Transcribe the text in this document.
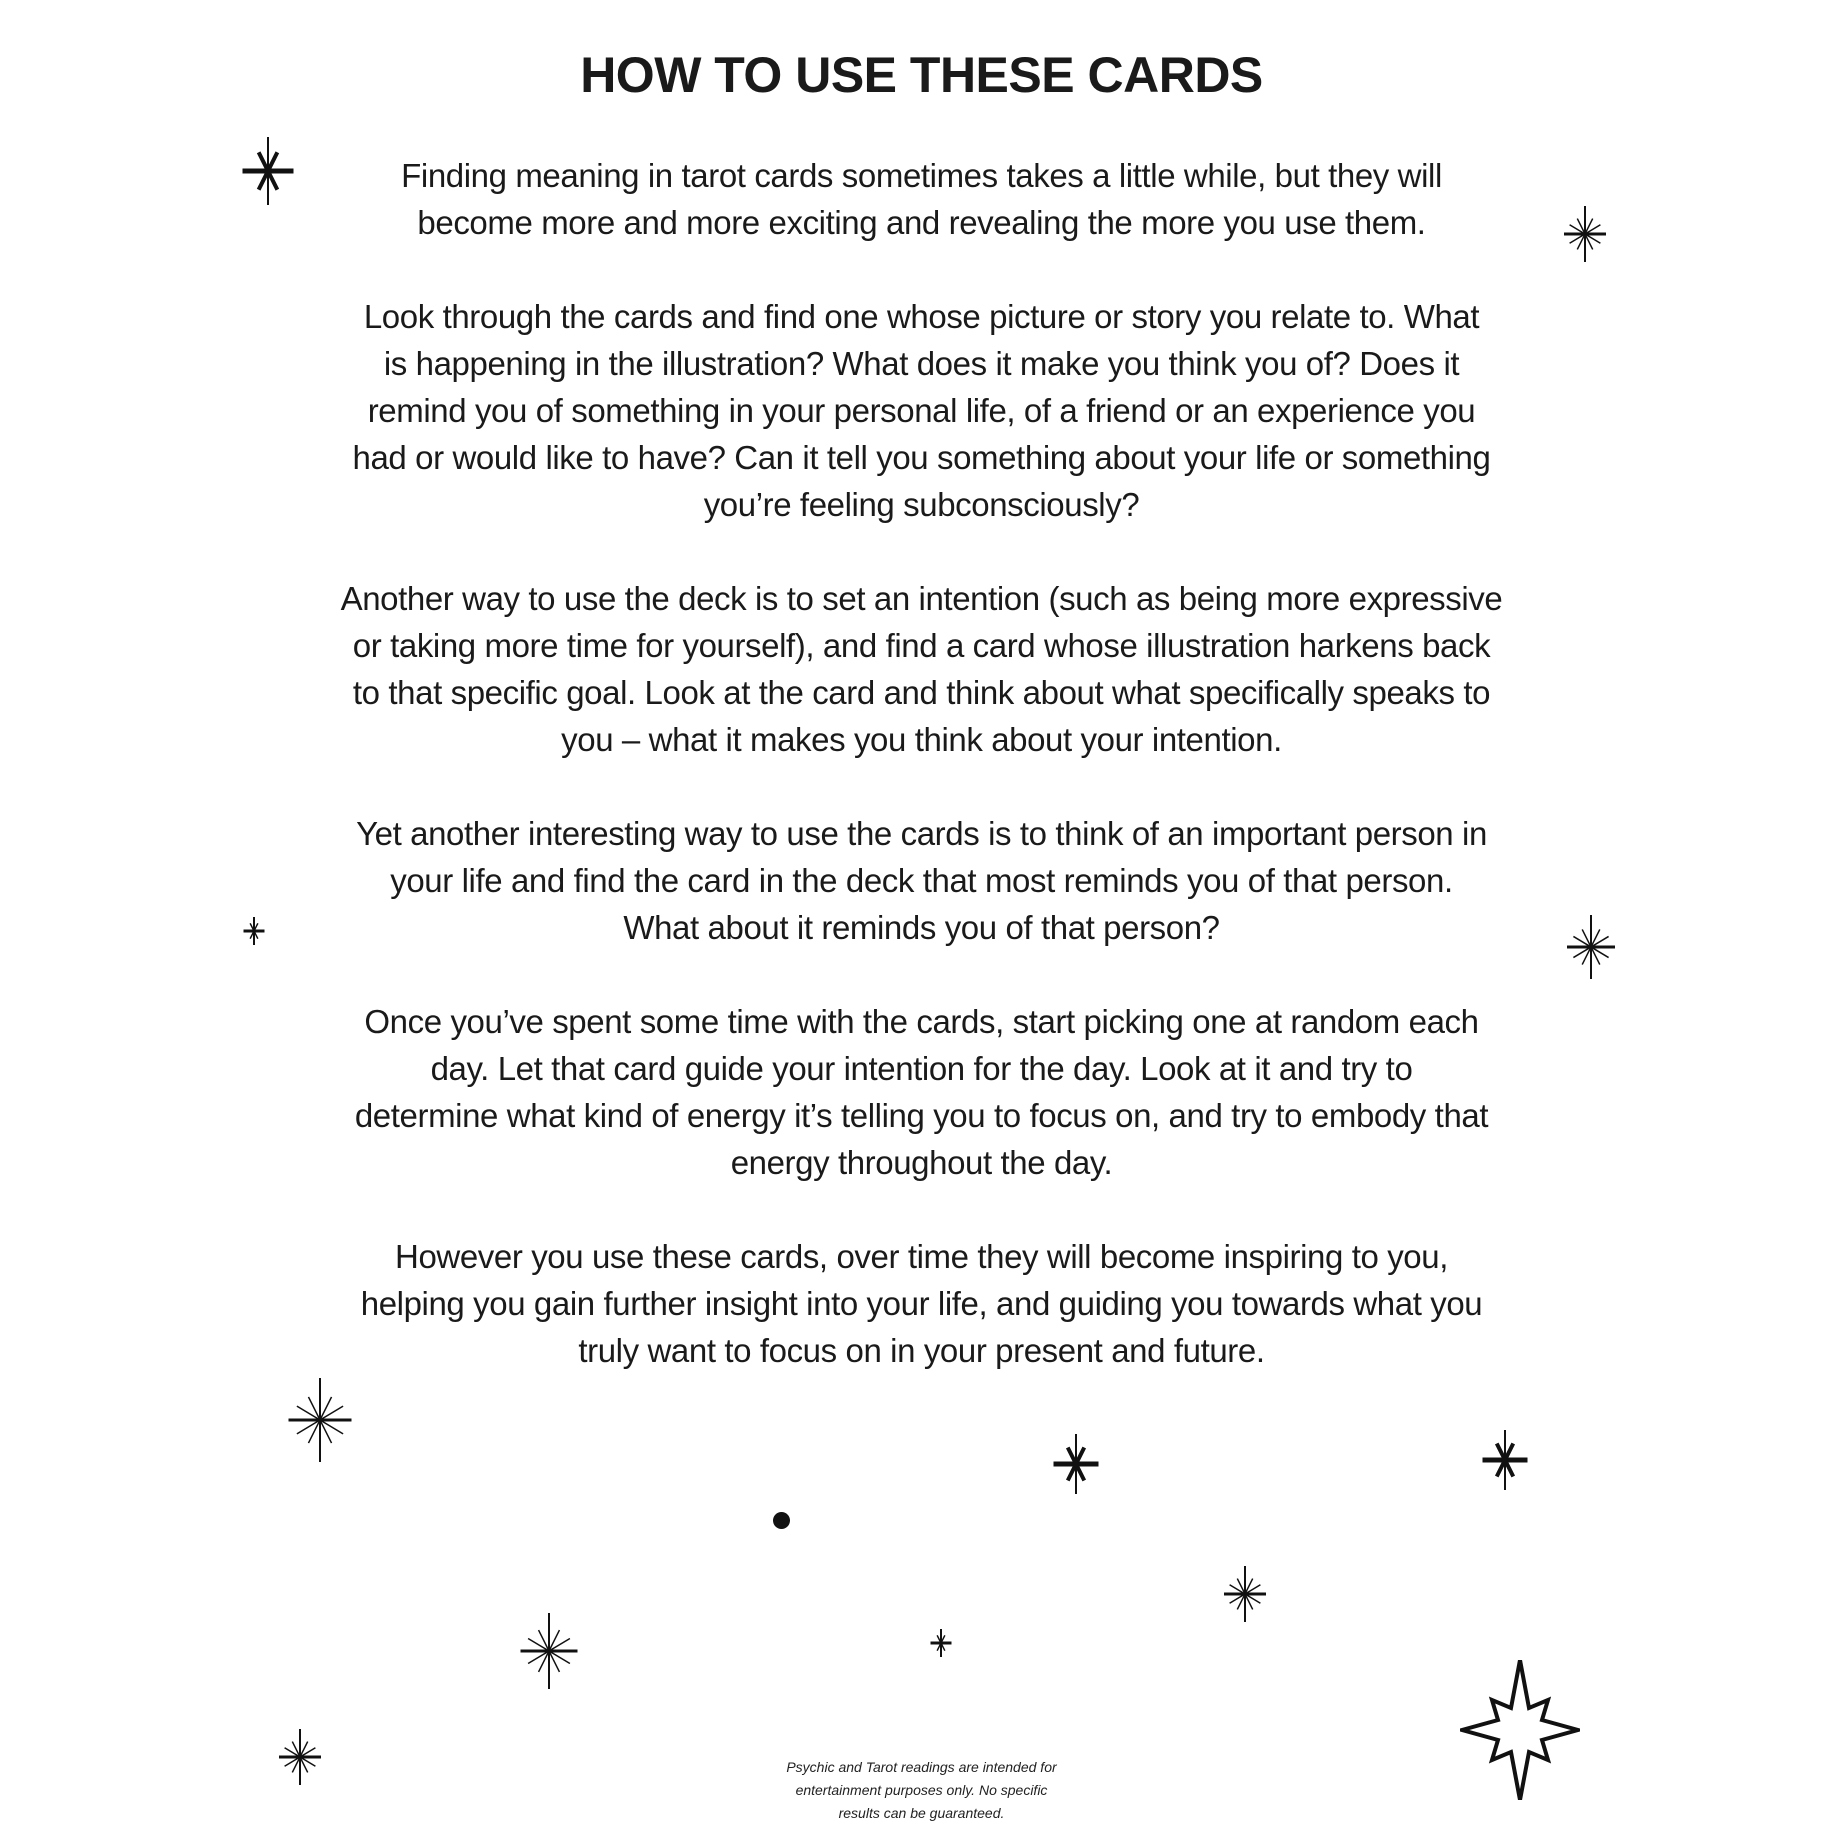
HOW TO USE THESE CARDS
Finding meaning in tarot cards sometimes takes a little while, but they will
become more and more exciting and revealing the more you use them.
Look through the cards and find one whose picture or story you relate to. What
is happening in the illustration? What does it make you think you of? Does it
remind you of something in your personal life, of a friend or an experience you
had or would like to have? Can it tell you something about your life or something
you’re feeling subconsciously?
Another way to use the deck is to set an intention (such as being more expressive
or taking more time for yourself), and find a card whose illustration harkens back
to that specific goal. Look at the card and think about what specifically speaks to
you – what it makes you think about your intention.
Yet another interesting way to use the cards is to think of an important person in
your life and find the card in the deck that most reminds you of that person.
What about it reminds you of that person?
Once you’ve spent some time with the cards, start picking one at random each
day. Let that card guide your intention for the day. Look at it and try to
determine what kind of energy it’s telling you to focus on, and try to embody that
energy throughout the day.
However you use these cards, over time they will become inspiring to you,
helping you gain further insight into your life, and guiding you towards what you
truly want to focus on in your present and future.
Psychic and Tarot readings are intended for
entertainment purposes only. No specific
results can be guaranteed.
